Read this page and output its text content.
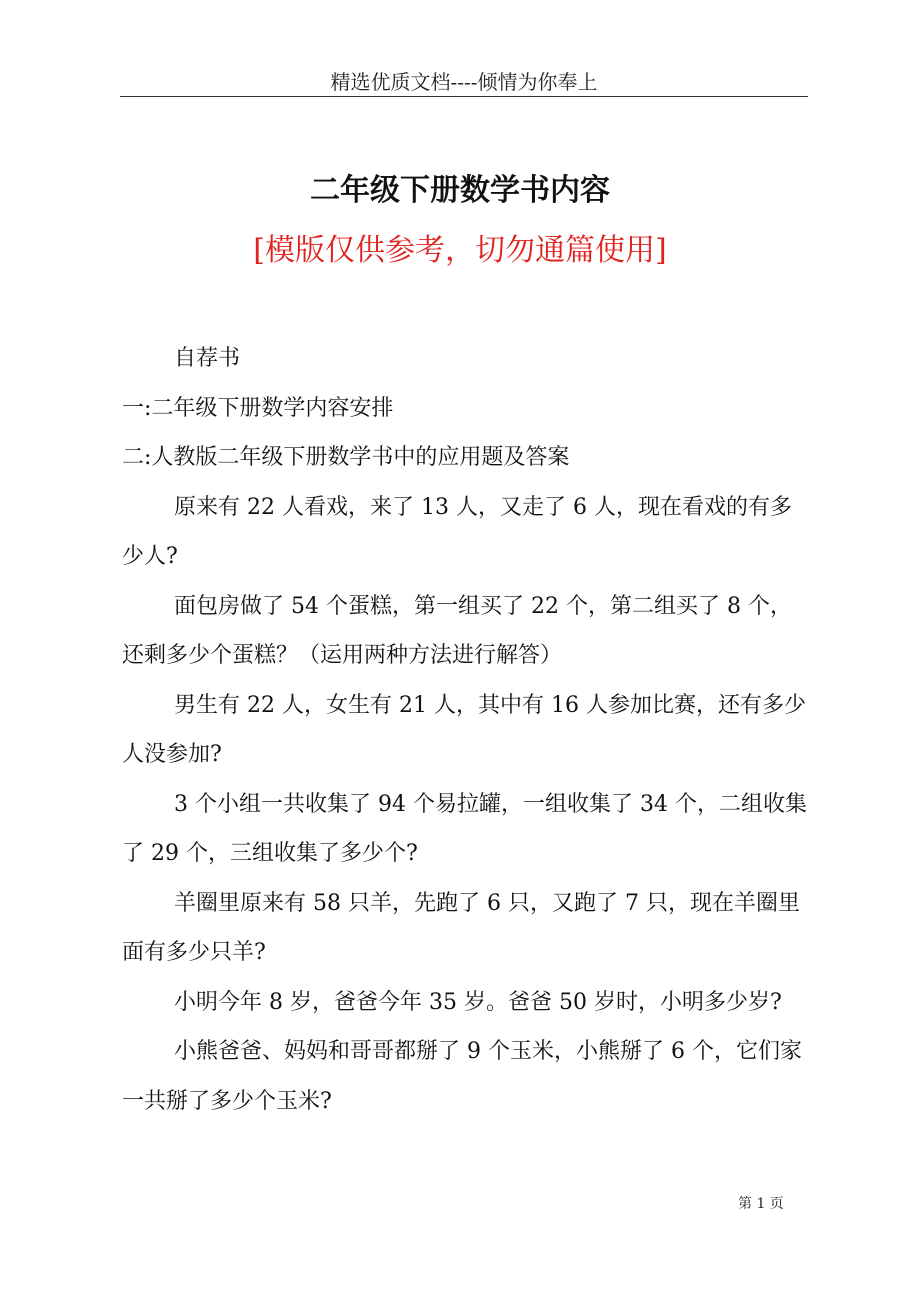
精选优质文档----倾情为你奉上
二年级下册数学书内容
[模版仅供参考，切勿通篇使用]

自荐书

一:二年级下册数学内容安排

二:人教版二年级下册数学书中的应用题及答案

原来有 22 人看戏，来了 13 人，又走了 6 人，现在看戏的有多少人?

面包房做了 54 个蛋糕，第一组买了 22 个，第二组买了 8 个，还剩多少个蛋糕？（运用两种方法进行解答）

男生有 22 人，女生有 21 人，其中有 16 人参加比赛，还有多少人没参加?

3 个小组一共收集了 94 个易拉罐，一组收集了 34 个，二组收集了 29 个，三组收集了多少个?

羊圈里原来有 58 只羊，先跑了 6 只，又跑了 7 只，现在羊圈里面有多少只羊?

小明今年 8 岁，爸爸今年 35 岁。爸爸 50 岁时，小明多少岁?

小熊爸爸、妈妈和哥哥都掰了 9 个玉米，小熊掰了 6 个，它们家一共掰了多少个玉米?

第 1 页
